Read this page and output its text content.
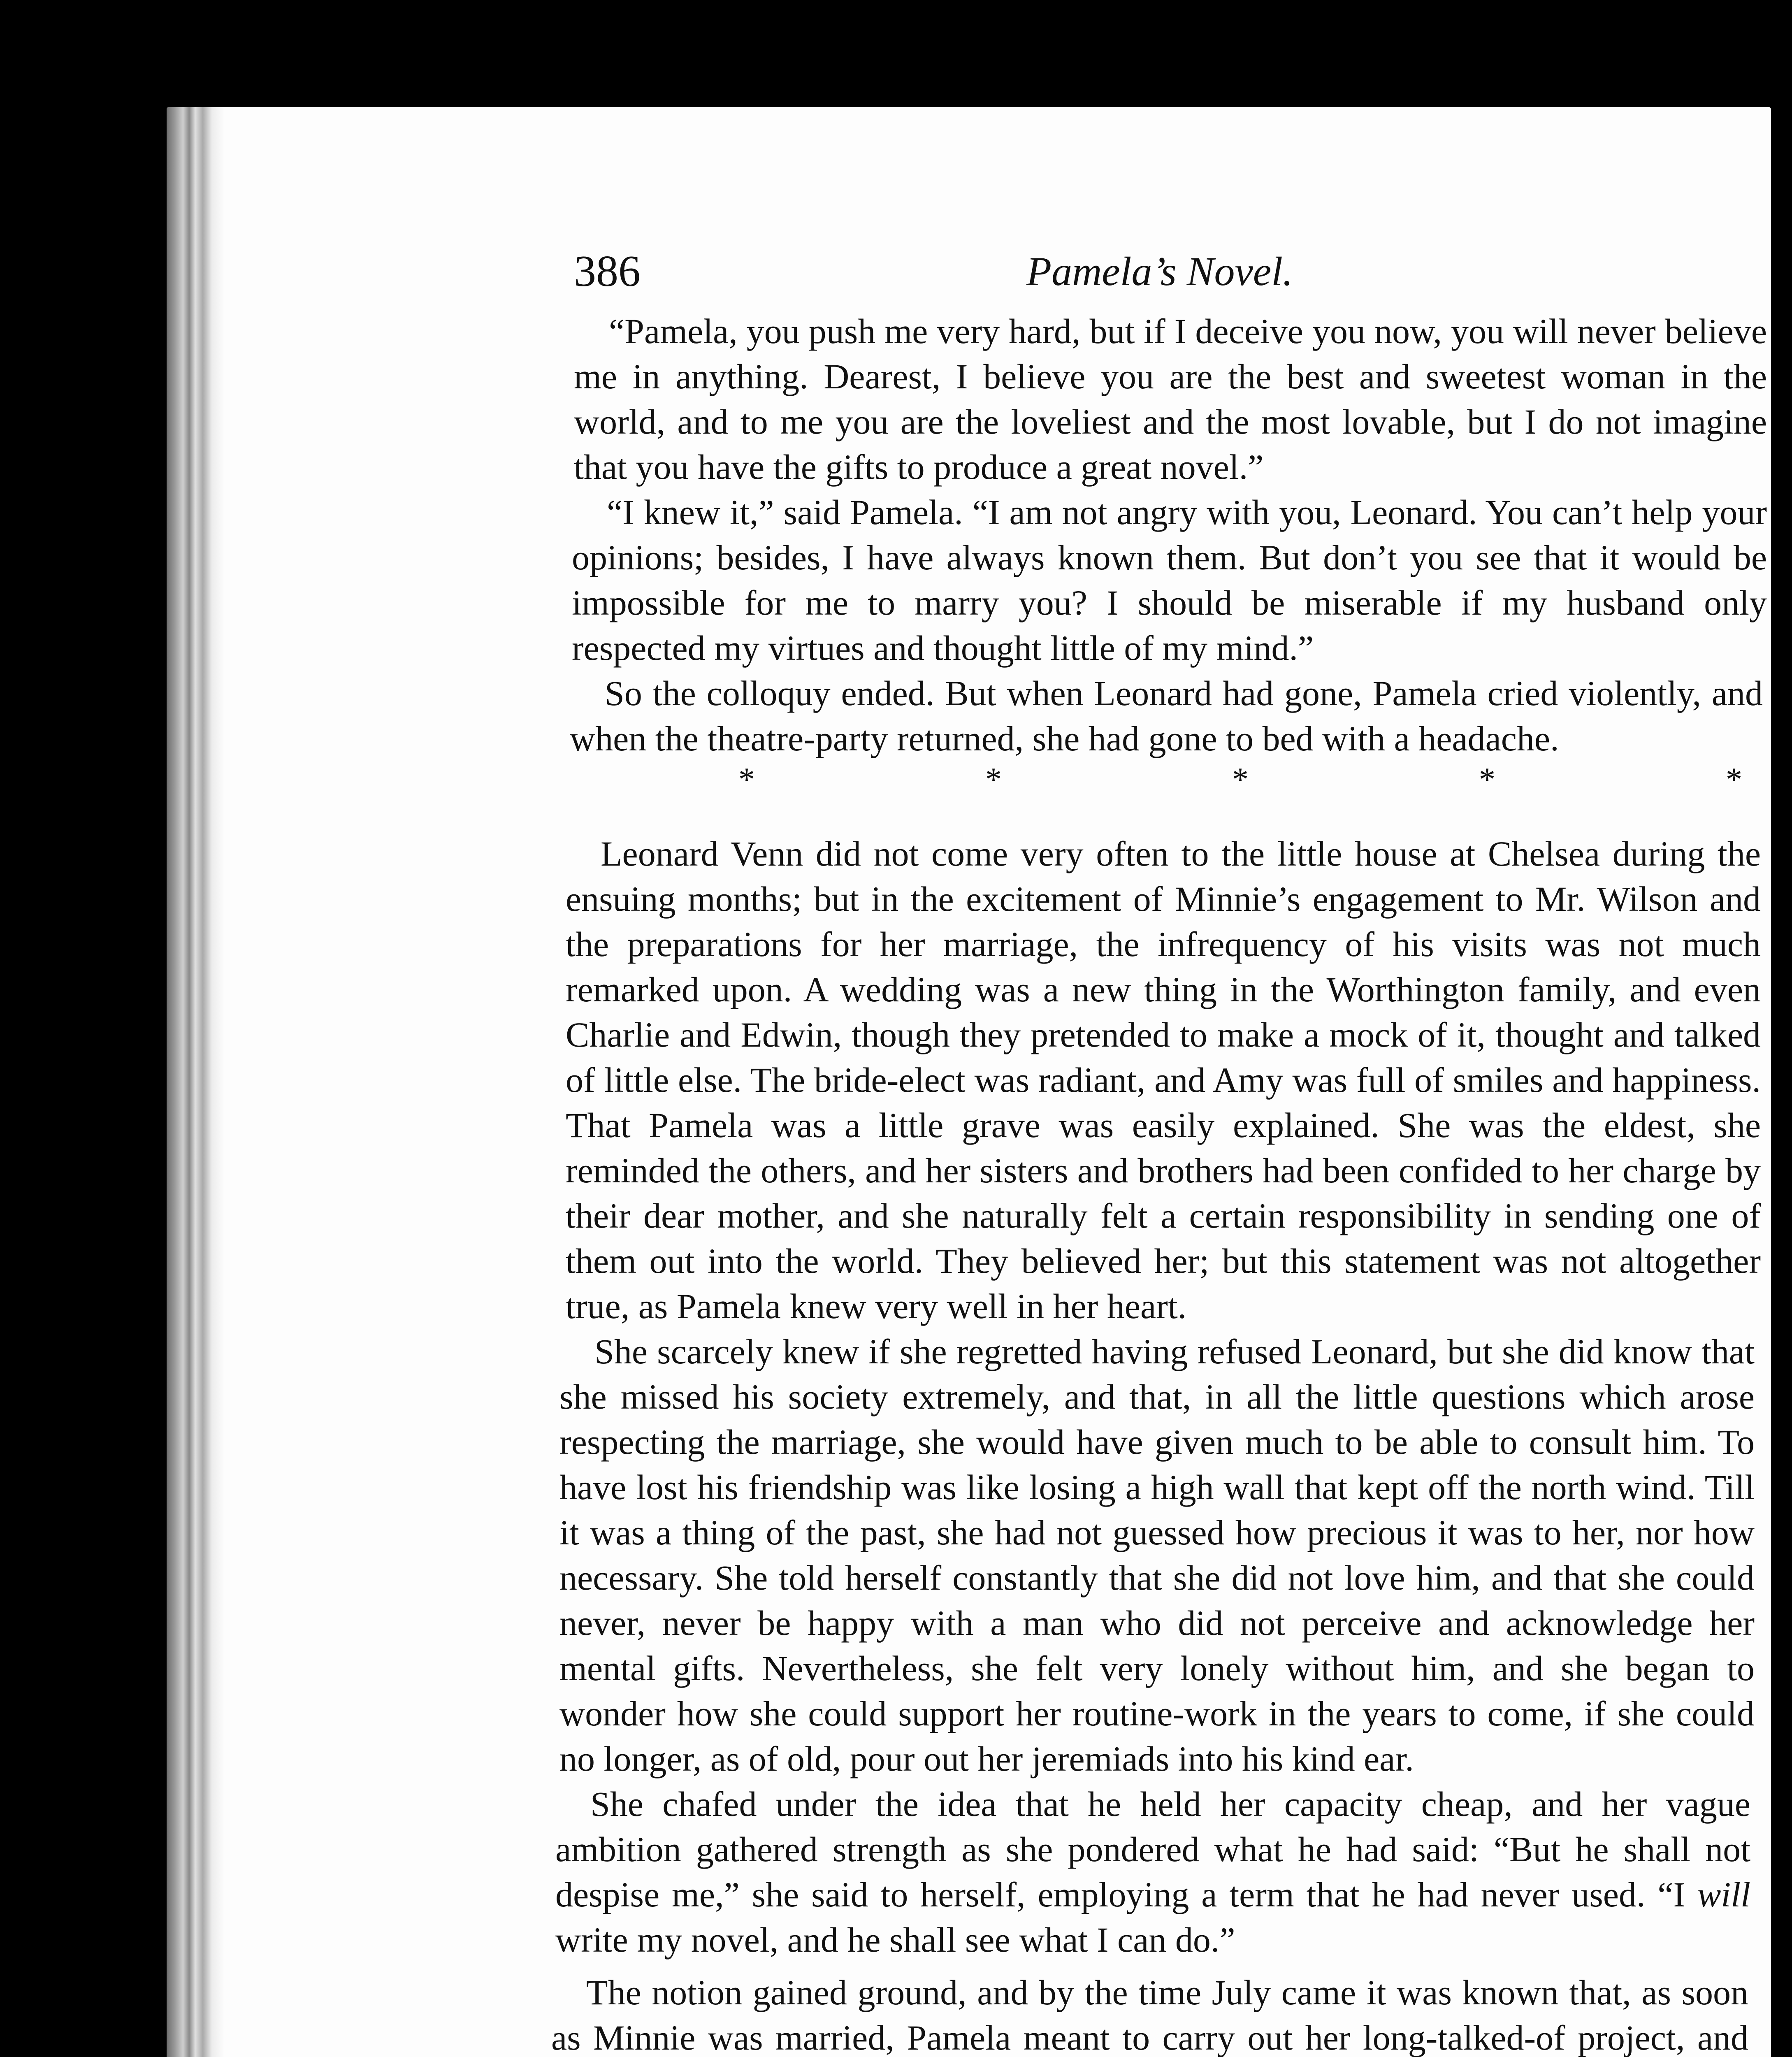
386	Pamela’s Novel.

“Pamela, you push me very hard, but if I deceive you now, you will never believe me in anything. Dearest, I believe you are the best and sweetest woman in the world, and to me you are the loveliest and the most lovable, but I do not imagine that you have the gifts to produce a great novel.”

“I knew it,” said Pamela. “I am not angry with you, Leonard. You can’t help your opinions; besides, I have always known them. But don’t you see that it would be impossible for me to marry you? I should be miserable if my husband only respected my virtues and thought little of my mind.”

So the colloquy ended. But when Leonard had gone, Pamela cried violently, and when the theatre-party returned, she had gone to bed with a headache.

*	*	*	*	*

Leonard Venn did not come very often to the little house at Chelsea during the ensuing months; but in the excitement of Minnie’s engagement to Mr. Wilson and the preparations for her marriage, the infrequency of his visits was not much remarked upon. A wedding was a new thing in the Worthington family, and even Charlie and Edwin, though they pretended to make a mock of it, thought and talked of little else. The bride-elect was radiant, and Amy was full of smiles and happiness. That Pamela was a little grave was easily explained. She was the eldest, she reminded the others, and her sisters and brothers had been confided to her charge by their dear mother, and she naturally felt a certain responsibility in sending one of them out into the world. They believed her; but this statement was not altogether true, as Pamela knew very well in her heart.

She scarcely knew if she regretted having refused Leonard, but she did know that she missed his society extremely, and that, in all the little questions which arose respecting the marriage, she would have given much to be able to consult him. To have lost his friendship was like losing a high wall that kept off the north wind. Till it was a thing of the past, she had not guessed how precious it was to her, nor how necessary. She told herself constantly that she did not love him, and that she could never, never be happy with a man who did not perceive and acknowledge her mental gifts. Nevertheless, she felt very lonely without him, and she began to wonder how she could support her routine-work in the years to come, if she could no longer, as of old, pour out her jeremiads into his kind ear.

She chafed under the idea that he held her capacity cheap, and her vague ambition gathered strength as she pondered what he had said: “But he shall not despise me,” she said to herself, employing a term that he had never used. “I will write my novel, and he shall see what I can do.”

The notion gained ground, and by the time July came it was known that, as soon as Minnie was married, Pamela meant to carry out her long-talked-of project, and
